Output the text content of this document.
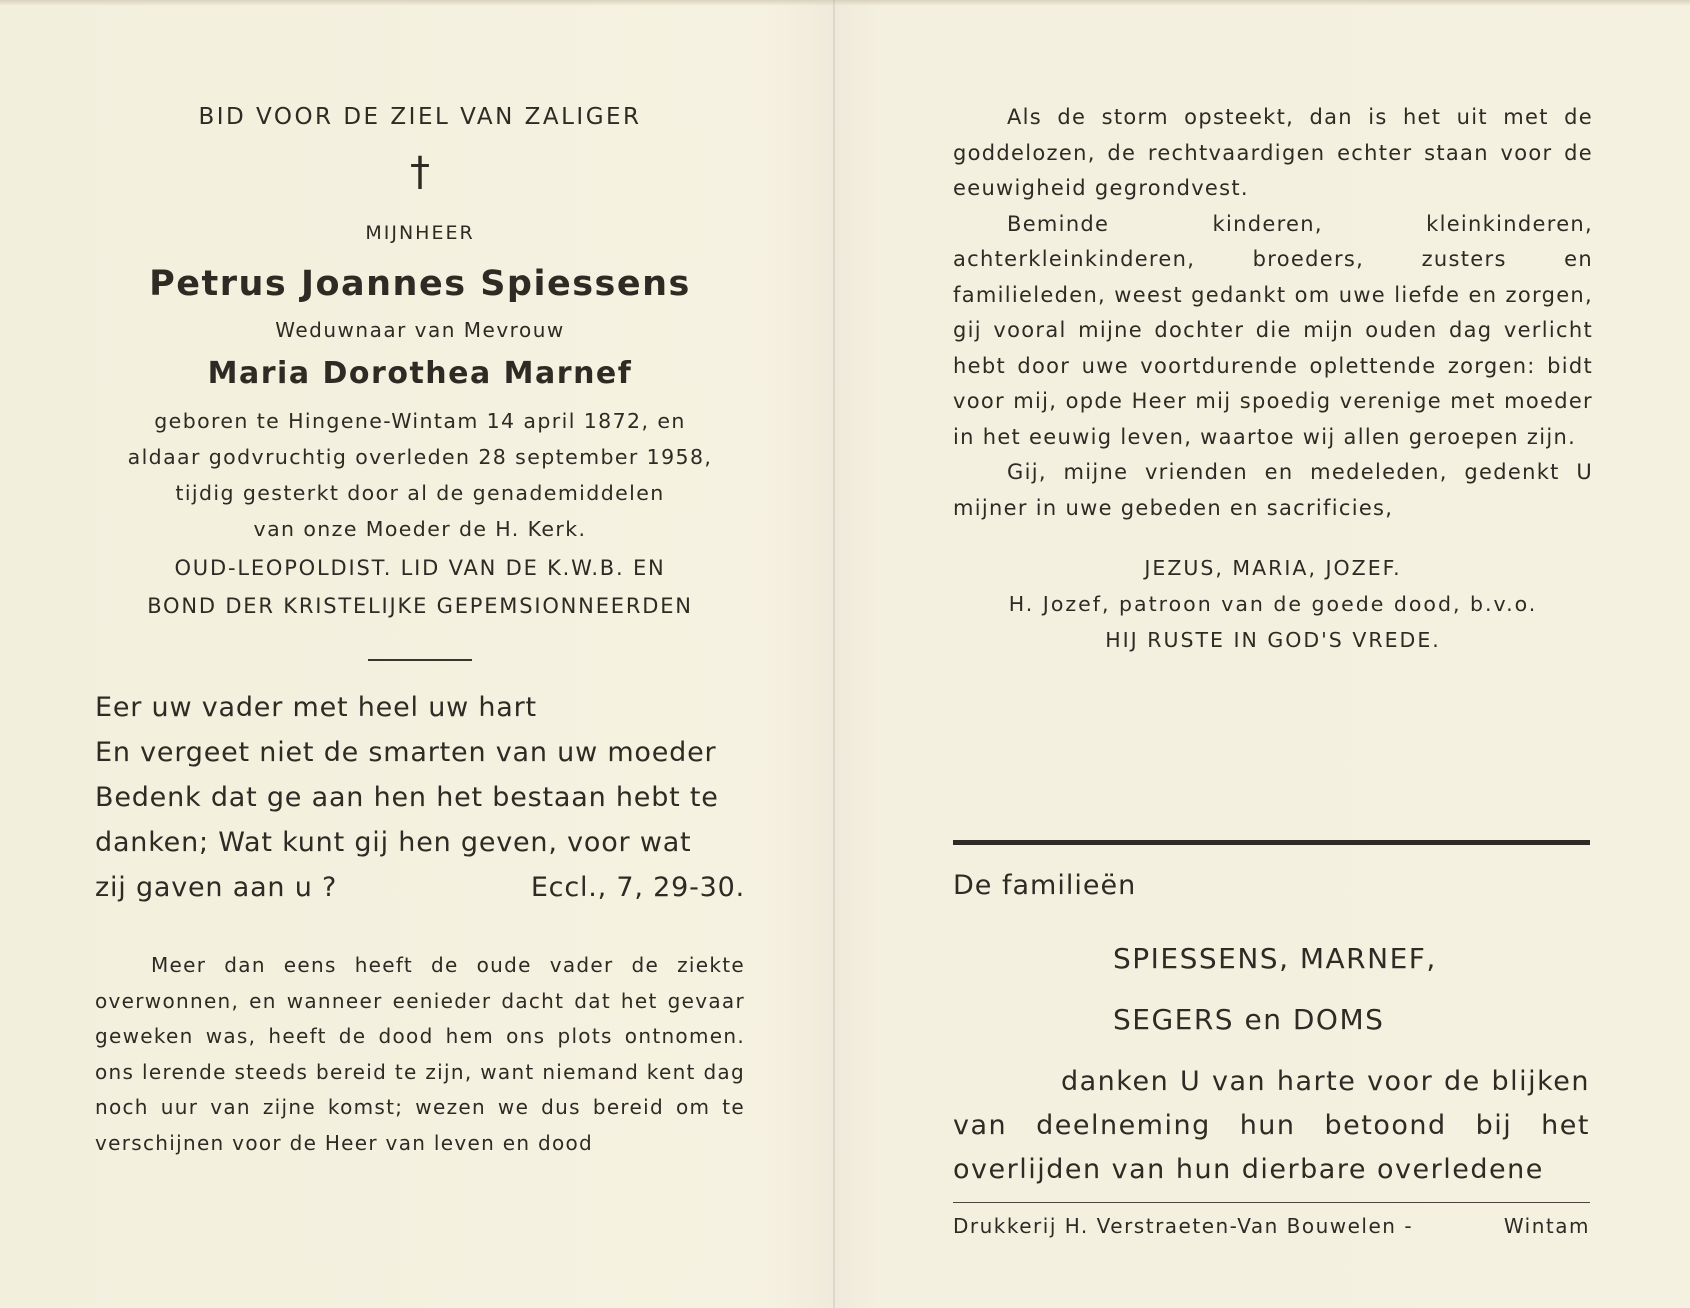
BID VOOR DE ZIEL VAN ZALIGER
†
MIJNHEER
Petrus Joannes Spiessens
Weduwnaar van Mevrouw
Maria Dorothea Marnef
geboren te Hingene-Wintam 14 april 1872, en
aldaar godvruchtig overleden 28 september 1958,
tijdig gesterkt door al de genademiddelen
van onze Moeder de H. Kerk.
OUD-LEOPOLDIST. LID VAN DE K.W.B. EN
BOND DER KRISTELIJKE GEPEMSIONNEERDEN
Eer uw vader met heel uw hart
En vergeet niet de smarten van uw moeder
Bedenk dat ge aan hen het bestaan hebt te
danken; Wat kunt gij hen geven, voor wat
zij gaven aan u ?	Eccl., 7, 29-30.

Meer dan eens heeft de oude vader de ziekte overwonnen, en wanneer eenieder dacht dat het gevaar geweken was, heeft de dood hem ons plots ontnomen. ons lerende steeds bereid te zijn, want niemand kent dag noch uur van zijne komst; wezen we dus bereid om te verschijnen voor de Heer van leven en dood

Als de storm opsteekt, dan is het uit met de goddelozen, de rechtvaardigen echter staan voor de eeuwigheid gegrondvest.

Beminde kinderen, kleinkinderen, achterkleinkinderen, broeders, zusters en familieleden, weest gedankt om uwe liefde en zorgen, gij vooral mijne dochter die mijn ouden dag verlicht hebt door uwe voortdurende oplettende zorgen: bidt voor mij, opde Heer mij spoedig verenige met moeder in het eeuwig leven, waartoe wij allen geroepen zijn.

Gij, mijne vrienden en medeleden, gedenkt U mijner in uwe gebeden en sacrificies,

JEZUS, MARIA, JOZEF.
H. Jozef, patroon van de goede dood, b.v.o.
HIJ RUSTE IN GOD'S VREDE.
De familieën
SPIESSENS, MARNEF,
SEGERS en DOMS

danken U van harte voor de blijken van deelneming hun betoond bij het overlijden van hun dierbare overledene

Drukkerij H. Verstraeten-Van Bouwelen -	Wintam
